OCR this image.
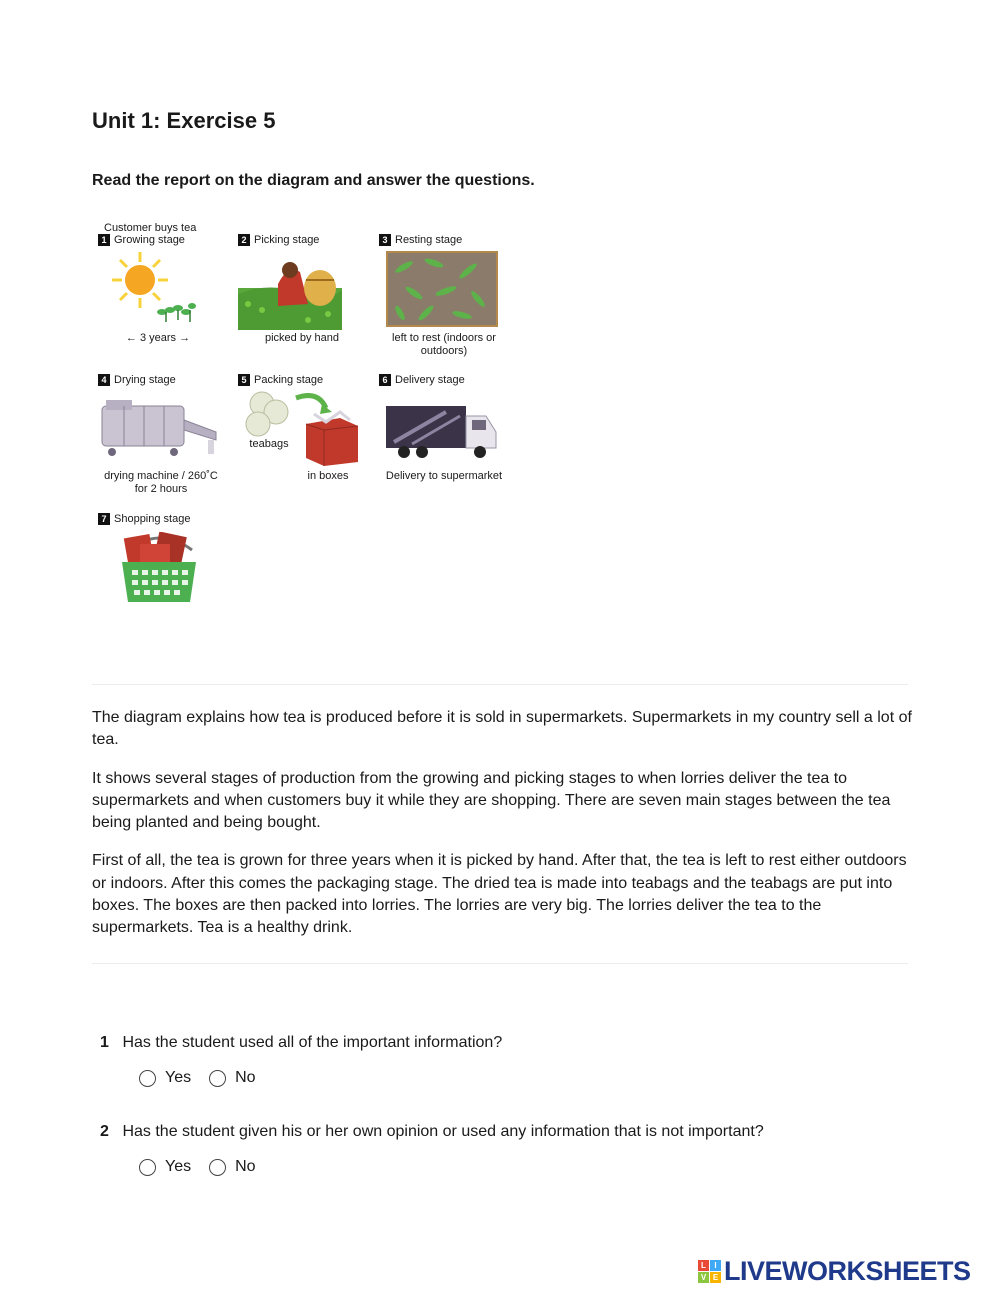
Unit 1: Exercise 5

Read the report on the diagram and answer the questions.

1 Growing stage
← 3 years →
2 Picking stage
picked by hand
3 Resting stage
left to rest (indoors or outdoors)
4 Drying stage
drying machine / 260˚C for 2 hours
5 Packing stage
teabags
in boxes
6 Delivery stage
Delivery to supermarket
7 Shopping stage
Customer buys tea

The diagram explains how tea is produced before it is sold in supermarkets. Supermarkets in my country sell a lot of tea.

It shows several stages of production from the growing and picking stages to when lorries deliver the tea to supermarkets and when customers buy it while they are shopping. There are seven main stages between the tea being planted and being bought.

First of all, the tea is grown for three years when it is picked by hand. After that, the tea is left to rest either outdoors or indoors. After this comes the packaging stage. The dried tea is made into teabags and the teabags are put into boxes. The boxes are then packed into lorries. The lorries are very big. The lorries deliver the tea to the supermarkets. Tea is a healthy drink.

1 Has the student used all of the important information?
Yes	No
2 Has the student given his or her own opinion or used any information that is not important?
Yes	No
L	I
V E LIVEWORKSHEETS
